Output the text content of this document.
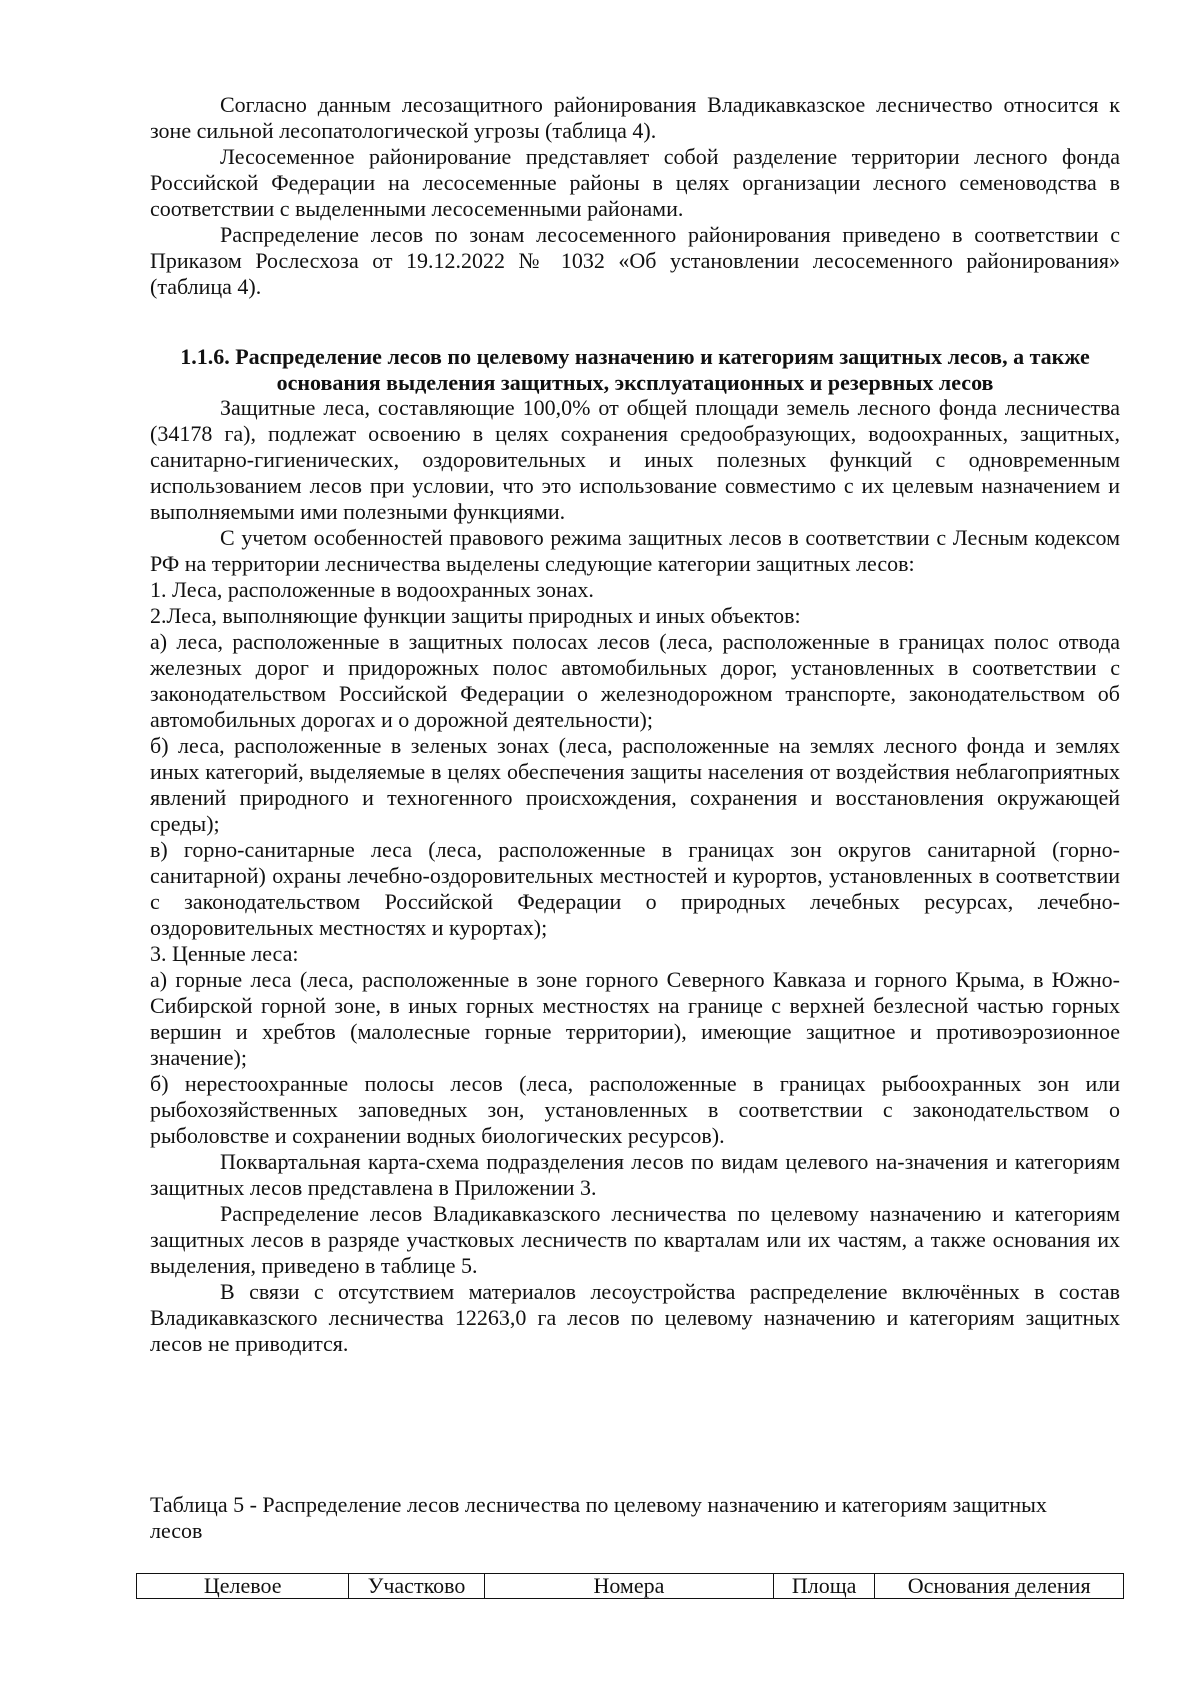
Согласно данным лесозащитного районирования Владикавказское лесничество относится к зоне сильной лесопатологической угрозы (таблица 4).

Лесосеменное районирование представляет собой разделение территории лесного фонда Российской Федерации на лесосеменные районы в целях организации лесного семеноводства в соответствии с выделенными лесосеменными районами.

Распределение лесов по зонам лесосеменного районирования приведено в соответствии с Приказом Рослесхоза от 19.12.2022 № 1032 «Об установлении лесосеменного районирования» (таблица 4).

1.1.6. Распределение лесов по целевому назначению и категориям защитных лесов, а также основания выделения защитных, эксплуатационных и резервных лесов

Защитные леса, составляющие 100,0% от общей площади земель лесного фонда лесничества (34178 га), подлежат освоению в целях сохранения средообразующих, водоохранных, защитных, санитарно-гигиенических, оздоровительных и иных полезных функций с одновременным использованием лесов при условии, что это использование совместимо с их целевым назначением и выполняемыми ими полезными функциями.

С учетом особенностей правового режима защитных лесов в соответствии с Лесным кодексом РФ на территории лесничества выделены следующие категории защитных лесов:

1. Леса, расположенные в водоохранных зонах.

2.Леса, выполняющие функции защиты природных и иных объектов:

а) леса, расположенные в защитных полосах лесов (леса, расположенные в границах полос отвода железных дорог и придорожных полос автомобильных дорог, установленных в соответствии с законодательством Российской Федерации о железнодорожном транспорте, законодательством об автомобильных дорогах и о дорожной деятельности);

б) леса, расположенные в зеленых зонах (леса, расположенные на землях лесного фонда и землях иных категорий, выделяемые в целях обеспечения защиты населения от воздействия неблагоприятных явлений природного и техногенного происхождения, сохранения и восстановления окружающей среды);

в) горно-санитарные леса (леса, расположенные в границах зон округов санитарной (горно-санитарной) охраны лечебно-оздоровительных местностей и курортов, установленных в соответствии с законодательством Российской Федерации о природных лечебных ресурсах, лечебно-оздоровительных местностях и курортах);

3. Ценные леса:

а) горные леса (леса, расположенные в зоне горного Северного Кавказа и горного Крыма, в Южно-Сибирской горной зоне, в иных горных местностях на границе с верхней безлесной частью горных вершин и хребтов (малолесные горные территории), имеющие защитное и противоэрозионное значение);

б) нерестоохранные полосы лесов (леса, расположенные в границах рыбоохранных зон или рыбохозяйственных заповедных зон, установленных в соответствии с законодательством о рыболовстве и сохранении водных биологических ресурсов).

Поквартальная карта-схема подразделения лесов по видам целевого на-значения и категориям защитных лесов представлена в Приложении 3.

Распределение лесов Владикавказского лесничества по целевому назначению и категориям защитных лесов в разряде участковых лесничеств по кварталам или их частям, а также основания их выделения, приведено в таблице 5.

В связи с отсутствием материалов лесоустройства распределение включённых в состав Владикавказского лесничества 12263,0 га лесов по целевому назначению и категориям защитных лесов не приводится.

Таблица 5 - Распределение лесов лесничества по целевому назначению и категориям защитных лесов
Целевое	Участково	Номера	Площа	Основания деления
